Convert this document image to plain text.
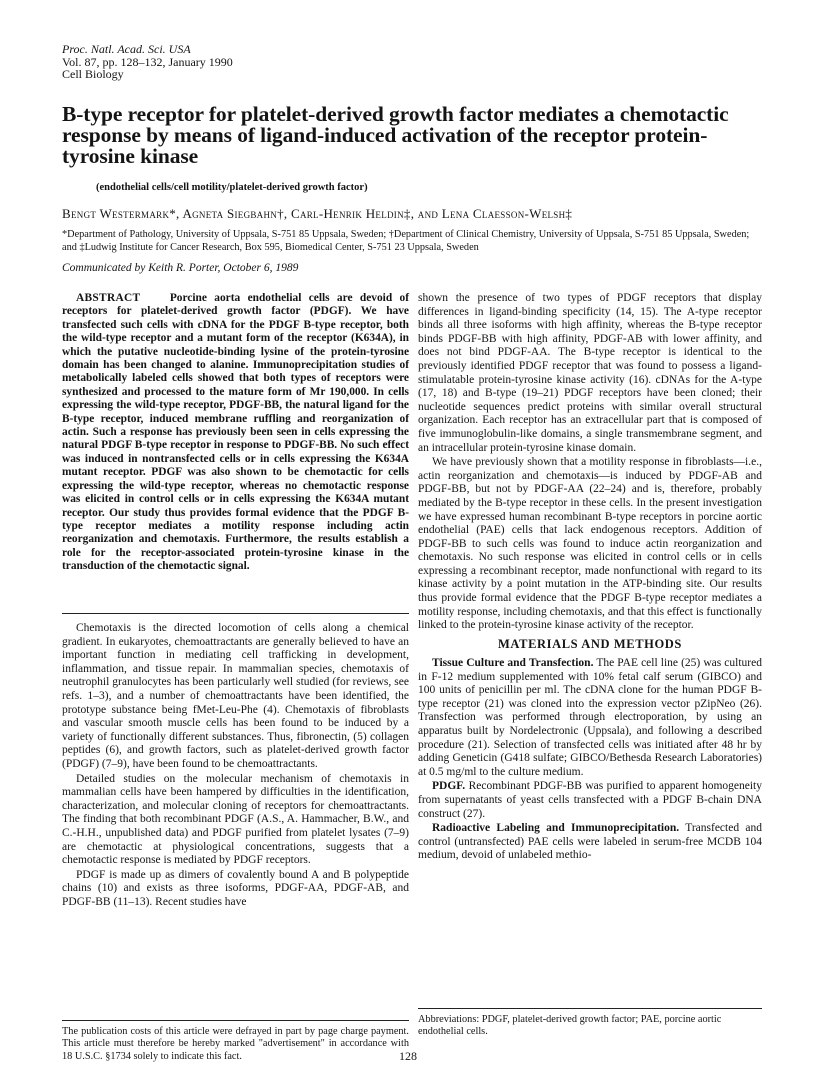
Proc. Natl. Acad. Sci. USA
Vol. 87, pp. 128–132, January 1990
Cell Biology
B-type receptor for platelet-derived growth factor mediates a chemotactic response by means of ligand-induced activation of the receptor protein-tyrosine kinase
(endothelial cells/cell motility/platelet-derived growth factor)
Bengt Westermark*, Agneta Siegbahn†, Carl-Henrik Heldin‡, and Lena Claesson-Welsh‡
*Department of Pathology, University of Uppsala, S-751 85 Uppsala, Sweden; †Department of Clinical Chemistry, University of Uppsala, S-751 85 Uppsala, Sweden; and ‡Ludwig Institute for Cancer Research, Box 595, Biomedical Center, S-751 23 Uppsala, Sweden
Communicated by Keith R. Porter, October 6, 1989
ABSTRACT	Porcine aorta endothelial cells are devoid of receptors for platelet-derived growth factor (PDGF). We have transfected such cells with cDNA for the PDGF B-type receptor, both the wild-type receptor and a mutant form of the receptor (K634A), in which the putative nucleotide-binding lysine of the protein-tyrosine domain has been changed to alanine. Immunoprecipitation studies of metabolically labeled cells showed that both types of receptors were synthesized and processed to the mature form of Mr 190,000. In cells expressing the wild-type receptor, PDGF-BB, the natural ligand for the B-type receptor, induced membrane ruffling and reorganization of actin. Such a response has previously been seen in cells expressing the natural PDGF B-type receptor in response to PDGF-BB. No such effect was induced in nontransfected cells or in cells expressing the K634A mutant receptor. PDGF was also shown to be chemotactic for cells expressing the wild-type receptor, whereas no chemotactic response was elicited in control cells or in cells expressing the K634A mutant receptor. Our study thus provides formal evidence that the PDGF B-type receptor mediates a motility response including actin reorganization and chemotaxis. Furthermore, the results establish a role for the receptor-associated protein-tyrosine kinase in the transduction of the chemotactic signal.

Chemotaxis is the directed locomotion of cells along a chemical gradient. In eukaryotes, chemoattractants are generally believed to have an important function in mediating cell trafficking in development, inflammation, and tissue repair. In mammalian species, chemotaxis of neutrophil granulocytes has been particularly well studied (for reviews, see refs. 1–3), and a number of chemoattractants have been identified, the prototype substance being fMet-Leu-Phe (4). Chemotaxis of fibroblasts and vascular smooth muscle cells has been found to be induced by a variety of functionally different substances. Thus, fibronectin, (5) collagen peptides (6), and growth factors, such as platelet-derived growth factor (PDGF) (7–9), have been found to be chemoattractants.

Detailed studies on the molecular mechanism of chemotaxis in mammalian cells have been hampered by difficulties in the identification, characterization, and molecular cloning of receptors for chemoattractants. The finding that both recombinant PDGF (A.S., A. Hammacher, B.W., and C.-H.H., unpublished data) and PDGF purified from platelet lysates (7–9) are chemotactic at physiological concentrations, suggests that a chemotactic response is mediated by PDGF receptors.

PDGF is made up as dimers of covalently bound A and B polypeptide chains (10) and exists as three isoforms, PDGF-AA, PDGF-AB, and PDGF-BB (11–13). Recent studies have

The publication costs of this article were defrayed in part by page charge payment. This article must therefore be hereby marked "advertisement" in accordance with 18 U.S.C. §1734 solely to indicate this fact.

shown the presence of two types of PDGF receptors that display differences in ligand-binding specificity (14, 15). The A-type receptor binds all three isoforms with high affinity, whereas the B-type receptor binds PDGF-BB with high affinity, PDGF-AB with lower affinity, and does not bind PDGF-AA. The B-type receptor is identical to the previously identified PDGF receptor that was found to possess a ligand-stimulatable protein-tyrosine kinase activity (16). cDNAs for the A-type (17, 18) and B-type (19–21) PDGF receptors have been cloned; their nucleotide sequences predict proteins with similar overall structural organization. Each receptor has an extracellular part that is composed of five immunoglobulin-like domains, a single transmembrane segment, and an intracellular protein-tyrosine kinase domain.

We have previously shown that a motility response in fibroblasts—i.e., actin reorganization and chemotaxis—is induced by PDGF-AB and PDGF-BB, but not by PDGF-AA (22–24) and is, therefore, probably mediated by the B-type receptor in these cells. In the present investigation we have expressed human recombinant B-type receptors in porcine aortic endothelial (PAE) cells that lack endogenous receptors. Addition of PDGF-BB to such cells was found to induce actin reorganization and chemotaxis. No such response was elicited in control cells or in cells expressing a recombinant receptor, made nonfunctional with regard to its kinase activity by a point mutation in the ATP-binding site. Our results thus provide formal evidence that the PDGF B-type receptor mediates a motility response, including chemotaxis, and that this effect is functionally linked to the protein-tyrosine kinase activity of the receptor.

MATERIALS AND METHODS

Tissue Culture and Transfection. The PAE cell line (25) was cultured in F-12 medium supplemented with 10% fetal calf serum (GIBCO) and 100 units of penicillin per ml. The cDNA clone for the human PDGF B-type receptor (21) was cloned into the expression vector pZipNeo (26). Transfection was performed through electroporation, by using an apparatus built by Nordelectronic (Uppsala), and following a described procedure (21). Selection of transfected cells was initiated after 48 hr by adding Geneticin (G418 sulfate; GIBCO/Bethesda Research Laboratories) at 0.5 mg/ml to the culture medium.

PDGF. Recombinant PDGF-BB was purified to apparent homogeneity from supernatants of yeast cells transfected with a PDGF B-chain DNA construct (27).

Radioactive Labeling and Immunoprecipitation. Transfected and control (untransfected) PAE cells were labeled in serum-free MCDB 104 medium, devoid of unlabeled methio-

Abbreviations: PDGF, platelet-derived growth factor; PAE, porcine aortic endothelial cells.
128
